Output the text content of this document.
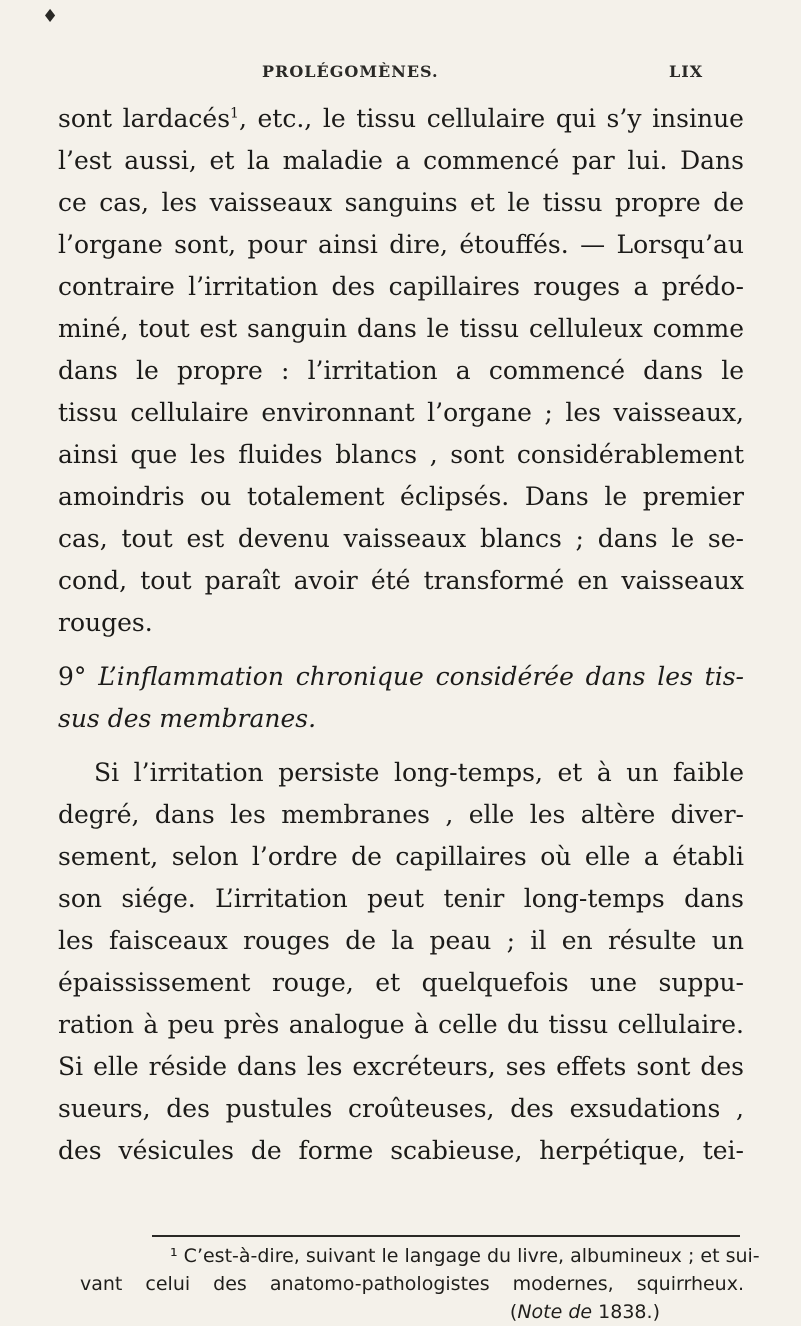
♦
PROLÉGOMÈNES.	LIX
sont lardacés$^1$, etc., le tissu cellulaire qui s’y insinue
l’est aussi, et la maladie a commencé par lui. Dans
ce cas, les vaisseaux sanguins et le tissu propre de
l’organe sont, pour ainsi dire, étouffés. — Lorsqu’au
contraire l’irritation des capillaires rouges a prédo-
miné, tout est sanguin dans le tissu celluleux comme
dans le propre : l’irritation a commencé dans le
tissu cellulaire environnant l’organe ; les vaisseaux,
ainsi que les fluides blancs , sont considérablement
amoindris ou totalement éclipsés. Dans le premier
cas, tout est devenu vaisseaux blancs ; dans le se-
cond, tout paraît avoir été transformé en vaisseaux
rouges.
9° L’inflammation chronique considérée dans les tis-
sus des membranes.
Si l’irritation persiste long-temps, et à un faible
degré, dans les membranes , elle les altère diver-
sement, selon l’ordre de capillaires où elle a établi
son siége. L’irritation peut tenir long-temps dans
les faisceaux rouges de la peau ; il en résulte un
épaississement rouge, et quelquefois une suppu-
ration à peu près analogue à celle du tissu cellulaire.
Si elle réside dans les excréteurs, ses effets sont des
sueurs, des pustules croûteuses, des exsudations ,
des vésicules de forme scabieuse, herpétique, tei-
¹ C’est-à-dire, suivant le langage du livre, albumineux ; et sui-
vant celui des anatomo-pathologistes modernes, squirrheux.
(Note de 1838.)
